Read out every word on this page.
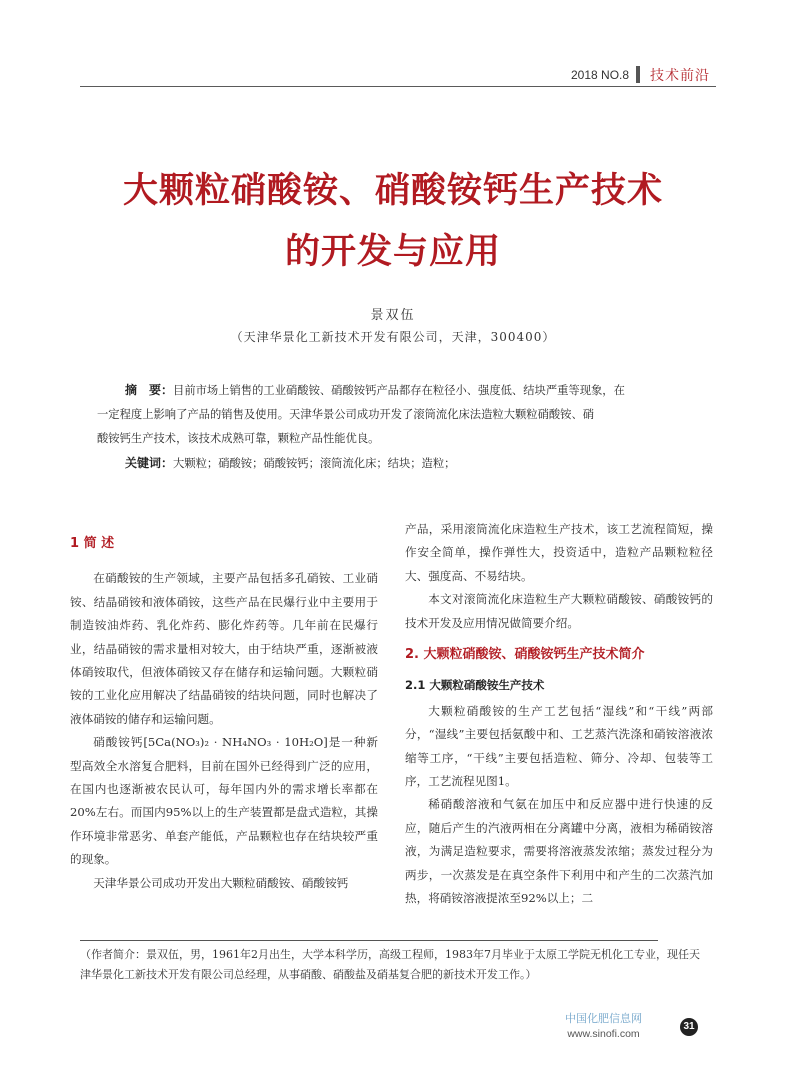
2018 NO.8 技术前沿
大颗粒硝酸铵、硝酸铵钙生产技术
的开发与应用
景双伍
（天津华景化工新技术开发有限公司，天津，300400）
摘　要：目前市场上销售的工业硝酸铵、硝酸铵钙产品都存在粒径小、强度低、结块严重等现象，在
一定程度上影响了产品的销售及使用。天津华景公司成功开发了滚筒流化床法造粒大颗粒硝酸铵、硝
酸铵钙生产技术，该技术成熟可靠，颗粒产品性能优良。
关键词：大颗粒；硝酸铵；硝酸铵钙；滚筒流化床；结块；造粒；
1 简 述

在硝酸铵的生产领域，主要产品包括多孔硝铵、工业硝铵、结晶硝铵和液体硝铵，这些产品在民爆行业中主要用于制造铵油炸药、乳化炸药、膨化炸药等。几年前在民爆行业，结晶硝铵的需求量相对较大，由于结块严重，逐渐被液体硝铵取代，但液体硝铵又存在储存和运输问题。大颗粒硝铵的工业化应用解决了结晶硝铵的结块问题，同时也解决了液体硝铵的储存和运输问题。

硝酸铵钙[5Ca(NO₃)₂ · NH₄NO₃ · 10H₂O]是一种新型高效全水溶复合肥料，目前在国外已经得到广泛的应用，在国内也逐渐被农民认可，每年国内外的需求增长率都在20%左右。而国内95%以上的生产装置都是盘式造粒，其操作环境非常恶劣、单套产能低，产品颗粒也存在结块较严重的现象。

天津华景公司成功开发出大颗粒硝酸铵、硝酸铵钙

产品，采用滚筒流化床造粒生产技术，该工艺流程简短，操作安全简单，操作弹性大，投资适中，造粒产品颗粒粒径大、强度高、不易结块。

本文对滚筒流化床造粒生产大颗粒硝酸铵、硝酸铵钙的技术开发及应用情况做简要介绍。

2. 大颗粒硝酸铵、硝酸铵钙生产技术简介
2.1 大颗粒硝酸铵生产技术

大颗粒硝酸铵的生产工艺包括“湿线”和“干线”两部分，“湿线”主要包括氨酸中和、工艺蒸汽洗涤和硝铵溶液浓缩等工序，“干线”主要包括造粒、筛分、冷却、包装等工序，工艺流程见图1。

稀硝酸溶液和气氨在加压中和反应器中进行快速的反应，随后产生的汽液两相在分离罐中分离，液相为稀硝铵溶液，为满足造粒要求，需要将溶液蒸发浓缩；蒸发过程分为两步，一次蒸发是在真空条件下利用中和产生的二次蒸汽加热，将硝铵溶液提浓至92%以上；二

（作者简介：景双伍，男，1961年2月出生，大学本科学历，高级工程师，1983年7月毕业于太原工学院无机化工专业，现任天津华景化工新技术开发有限公司总经理，从事硝酸、硝酸盐及硝基复合肥的新技术开发工作。）
中国化肥信息网
www.sinofi.com
31
